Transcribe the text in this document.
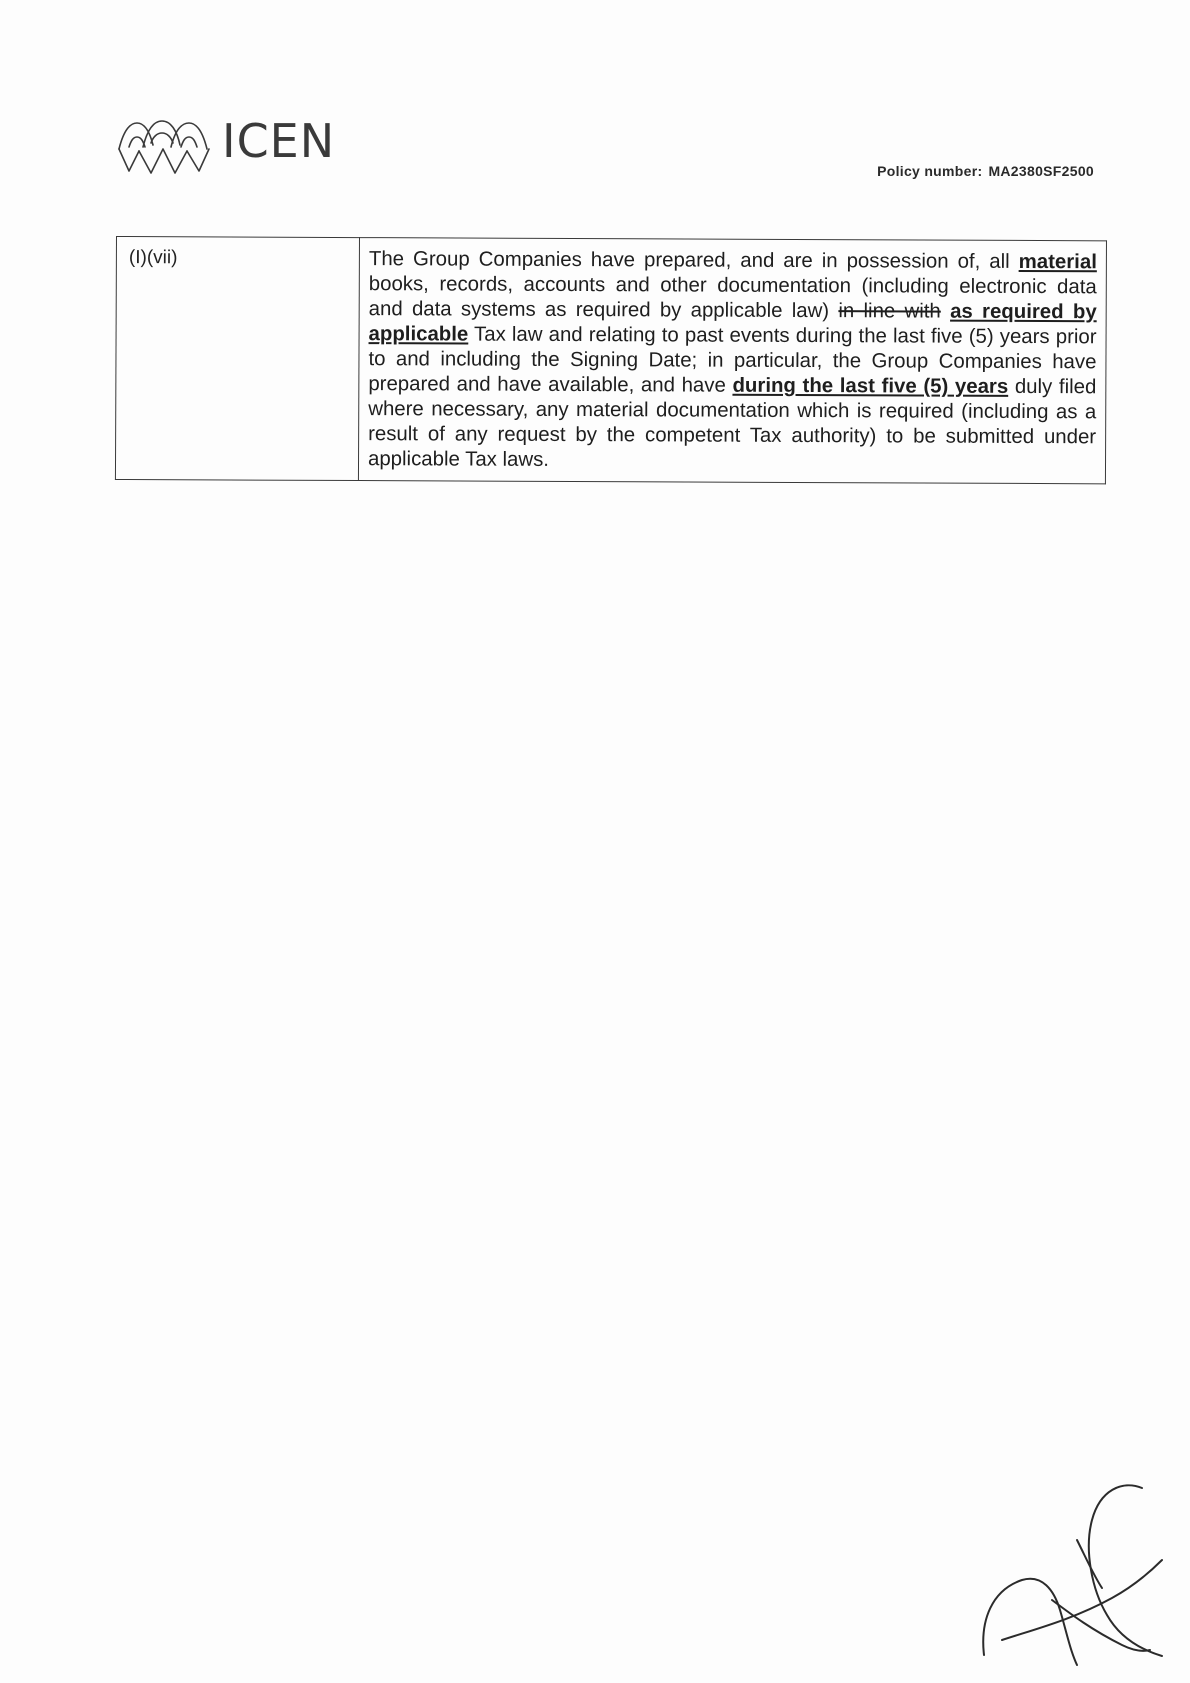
ICEN
Policy number: MA2380SF2500
(I)(vii)	The Group Companies have prepared, and are in possession of, all material books, records, accounts and other documentation (including electronic data and data systems as required by applicable law) in line with as required by applicable Tax law and relating to past events during the last five (5) years prior to and including the Signing Date; in particular, the Group Companies have prepared and have available, and have during the last five (5) years duly filed where necessary, any material documentation which is required (including as a result of any request by the competent Tax authority) to be submitted under applicable Tax laws.
